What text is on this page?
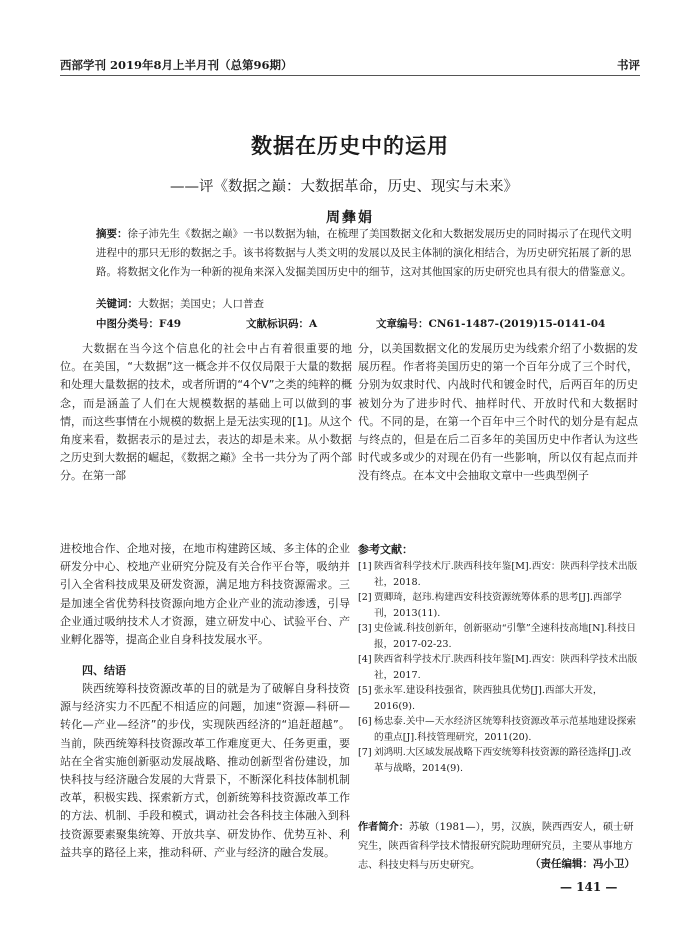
西部学刊 2019年8月上半月刊（总第96期）	书评
数据在历史中的运用
——评《数据之巅：大数据革命，历史、现实与未来》
周彝娟
摘要：徐子沛先生《数据之巅》一书以数据为轴，在梳理了美国数据文化和大数据发展历史的同时揭示了在现代文明进程中的那只无形的数据之手。该书将数据与人类文明的发展以及民主体制的演化相结合，为历史研究拓展了新的思路。将数据文化作为一种新的视角来深入发掘美国历史中的细节，这对其他国家的历史研究也具有很大的借鉴意义。
关键词：大数据；美国史；人口普查
中图分类号：F49	文献标识码：A	文章编号：CN61-1487-(2019)15-0141-04
大数据在当今这个信息化的社会中占有着很重要的地位。在美国，“大数据”这一概念并不仅仅局限于大量的数据和处理大量数据的技术，或者所谓的“4个V”之类的纯粹的概念，而是涵盖了人们在大规模数据的基础上可以做到的事情，而这些事情在小规模的数据上是无法实现的[1]。从这个角度来看，数据表示的是过去，表达的却是未来。从小数据之历史到大数据的崛起，《数据之巅》全书一共分为了两个部分。在第一部
分，以美国数据文化的发展历史为线索介绍了小数据的发展历程。作者将美国历史的第一个百年分成了三个时代，分别为奴隶时代、内战时代和镀金时代，后两百年的历史被划分为了进步时代、抽样时代、开放时代和大数据时代。不同的是，在第一个百年中三个时代的划分是有起点与终点的，但是在后二百多年的美国历史中作者认为这些时代或多或少的对现在仍有一些影响，所以仅有起点而并没有终点。在本文中会抽取文章中一些典型例子
进校地合作、企地对接，在地市构建跨区域、多主体的企业研发分中心、校地产业研究分院及有关合作平台等，吸纳并引入全省科技成果及研发资源，满足地方科技资源需求。三是加速全省优势科技资源向地方企业产业的流动渗透，引导企业通过吸纳技术人才资源，建立研发中心、试验平台、产业孵化器等，提高企业自身科技发展水平。
四、结语
陕西统筹科技资源改革的目的就是为了破解自身科技资源与经济实力不匹配不相适应的问题，加速“资源—科研—转化—产业—经济”的步伐，实现陕西经济的“追赶超越”。当前，陕西统筹科技资源改革工作难度更大、任务更重，要站在全省实施创新驱动发展战略、推动创新型省份建设，加快科技与经济融合发展的大背景下，不断深化科技体制机制改革，积极实践、探索新方式，创新统筹科技资源改革工作的方法、机制、手段和模式，调动社会各科技主体融入到科技资源要素聚集统筹、开放共享、研发协作、优势互补、利益共享的路径上来，推动科研、产业与经济的融合发展。
参考文献：
[1] 陕西省科学技术厅.陕西科技年鉴[M].西安：陕西科学技术出版社，2018.
[2] 贾卿琦，赵玮.构建西安科技资源统筹体系的思考[J].西部学刊，2013(11).
[3] 史俭诚.科技创新年，创新驱动“引擎”全速科技高地[N].科技日报，2017-02-23.
[4] 陕西省科学技术厅.陕西科技年鉴[M].西安：陕西科学技术出版社，2017.
[5] 张永军.建设科技强省，陕西独具优势[J].西部大开发，2016(9).
[6] 杨忠泰.关中—天水经济区统筹科技资源改革示范基地建设探索的重点[J].科技管理研究，2011(20).
[7] 刘鸿明.大区域发展战略下西安统筹科技资源的路径选择[J].改革与战略，2014(9).
作者简介：苏敏（1981—），男，汉族，陕西西安人，硕士研究生，陕西省科学技术情报研究院助理研究员，主要从事地方志、科技史料与历史研究。	（责任编辑：冯小卫）
— 141 —
